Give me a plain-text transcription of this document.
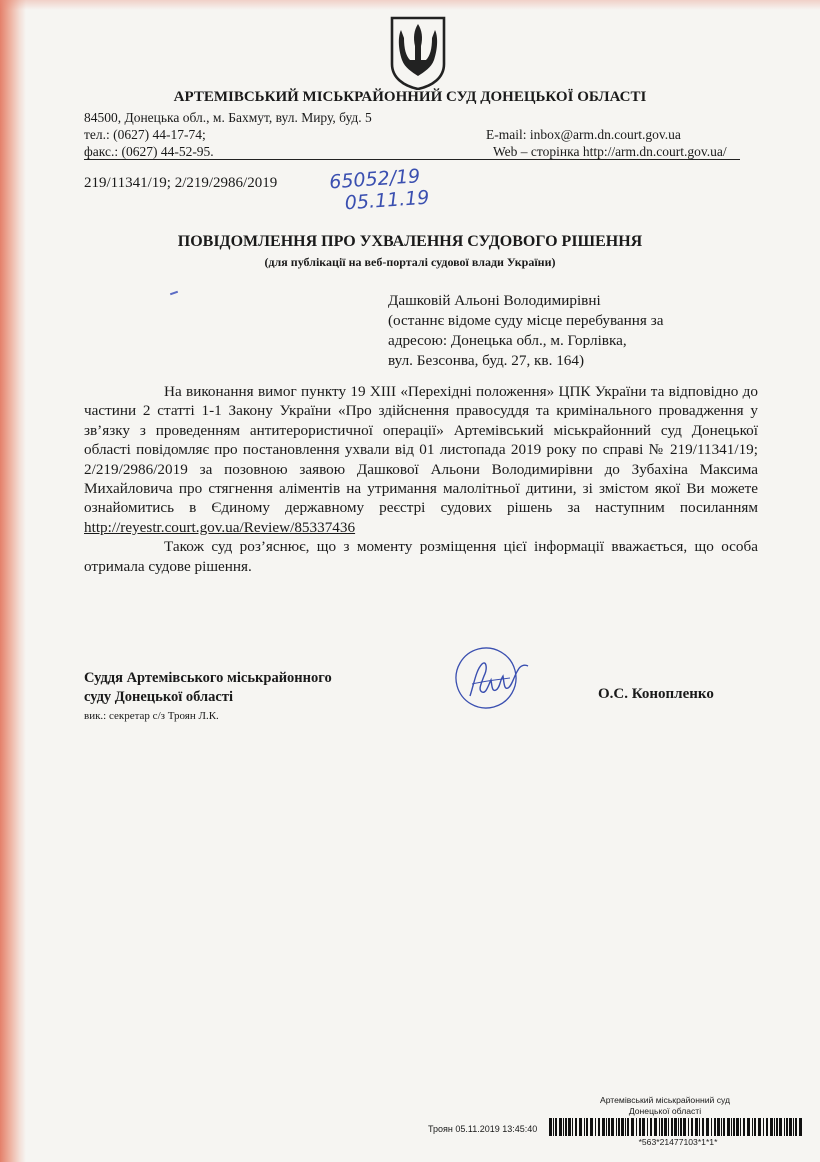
АРТЕМІВСЬКИЙ МІСЬКРАЙОННИЙ СУД ДОНЕЦЬКОЇ ОБЛАСТІ
84500, Донецька обл., м. Бахмут, вул. Миру, буд. 5
тел.: (0627) 44-17-74;
факс.: (0627) 44-52-95.
E-mail: inbox@arm.dn.court.gov.ua
Web – сторінка http://arm.dn.court.gov.ua/
219/11341/19; 2/219/2986/2019	65052/19
05.11.19
ПОВІДОМЛЕННЯ ПРО УХВАЛЕННЯ СУДОВОГО РІШЕННЯ
(для публікації на веб-порталі судової влади України)
Дашковій Альоні Володимирівні
(останнє відоме суду місце перебування за
адресою: Донецька обл., м. Горлівка,
вул. Безсонва, буд. 27, кв. 164)

На виконання вимог пункту 19 ХІІІ «Перехідні положення» ЦПК України та відповідно до частини 2 статті 1-1 Закону України «Про здійснення правосуддя та кримінального провадження у зв’язку з проведенням антитерористичної операції» Артемівський міськрайонний суд Донецької області повідомляє про постановлення ухвали від 01 листопада 2019 року по справі № 219/11341/19; 2/219/2986/2019 за позовною заявою Дашкової Альони Володимирівни до Зубахіна Максима Михайловича про стягнення аліментів на утримання малолітньої дитини, зі змістом якої Ви можете ознайомитись в Єдиному державному реєстрі судових рішень за наступним посиланням http://reyestr.court.gov.ua/Review/85337436

Також суд роз’яснює, що з моменту розміщення цієї інформації вважається, що особа отримала судове рішення.

Суддя Артемівського міськрайонного
суду Донецької області
вик.: секретар с/з Троян Л.К.
О.С. Конопленко
Артемівський міськрайонний суд
Донецької області
Троян 05.11.2019 13:45:40
*563*21477103*1*1*
